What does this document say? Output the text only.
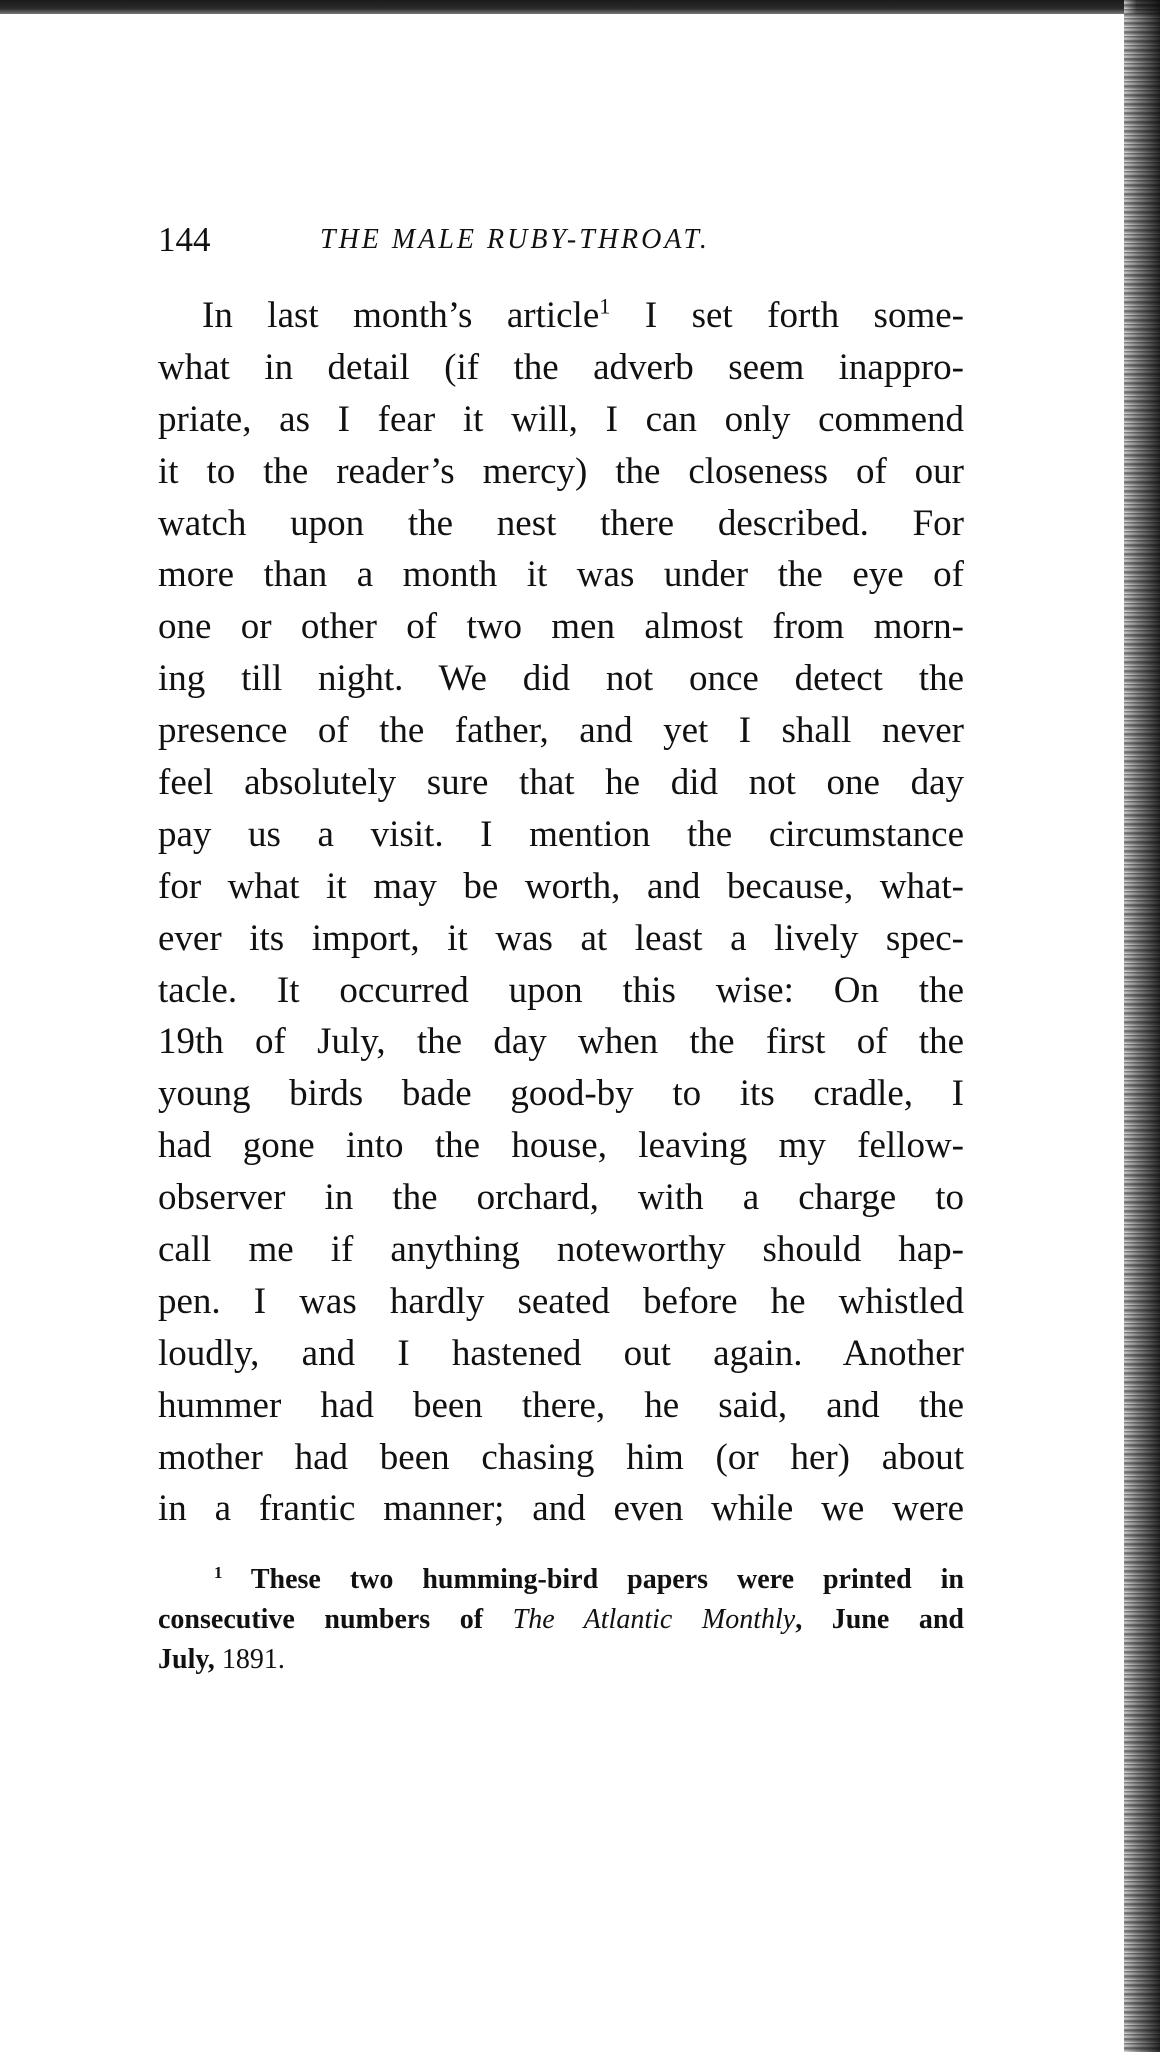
144	THE MALE RUBY-THROAT.
In last month’s article$^1$ I set forth some-
what in detail (if the adverb seem inappro-
priate, as I fear it will, I can only commend
it to the reader’s mercy) the closeness of our
watch upon the nest there described. For
more than a month it was under the eye of
one or other of two men almost from morn-
ing till night. We did not once detect the
presence of the father, and yet I shall never
feel absolutely sure that he did not one day
pay us a visit. I mention the circumstance
for what it may be worth, and because, what-
ever its import, it was at least a lively spec-
tacle. It occurred upon this wise: On the
19th of July, the day when the first of the
young birds bade good-by to its cradle, I
had gone into the house, leaving my fellow-
observer in the orchard, with a charge to
call me if anything noteworthy should hap-
pen. I was hardly seated before he whistled
loudly, and I hastened out again. Another
hummer had been there, he said, and the
mother had been chasing him (or her) about
in a frantic manner; and even while we were
$^1$ These two humming-bird papers were printed in
consecutive numbers of The Atlantic Monthly, June and
July, 1891.
